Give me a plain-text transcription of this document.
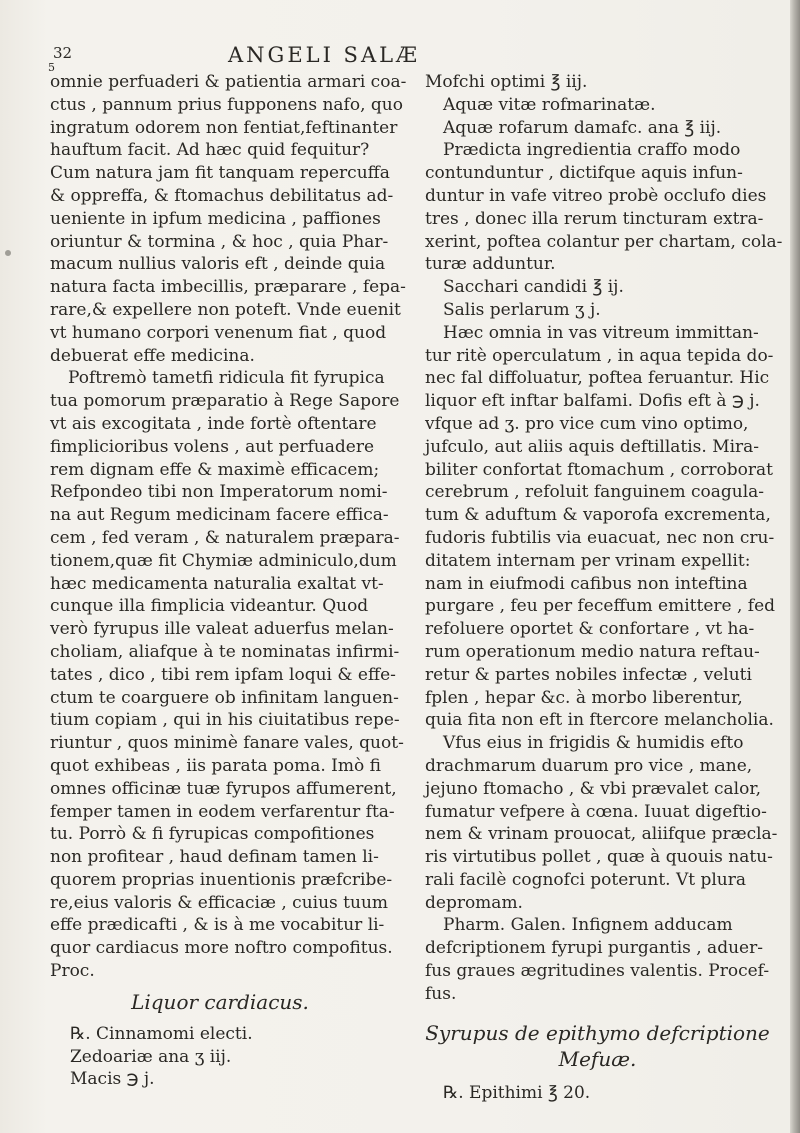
32
5
ANGELI SALÆ
omnie perfuaderi & patientia armari coa-
ctus , pannum prius fupponens nafo, quo
ingratum odorem non fentiat,feftinanter
hauftum facit. Ad hæc quid fequitur?
Cum natura jam fit tanquam repercuffa
& oppreffa, & ftomachus debilitatus ad-
ueniente in ipfum medicina , paffiones
oriuntur & tormina , & hoc , quia Phar-
macum nullius valoris eft , deinde quia
natura facta imbecillis, præparare , fepa-
rare,& expellere non poteft. Vnde euenit
vt humano corpori venenum fiat , quod
debuerat effe medicina.
Poftremò tametfi ridicula fit fyrupica
tua pomorum præparatio à Rege Sapore
vt ais excogitata , inde fortè oftentare
fimplicioribus volens , aut perfuadere
rem dignam effe & maximè efficacem;
Refpondeo tibi non Imperatorum nomi-
na aut Regum medicinam facere effica-
cem , fed veram , & naturalem præpara-
tionem,quæ fit Chymiæ adminiculo,dum
hæc medicamenta naturalia exaltat vt-
cunque illa fimplicia videantur. Quod
verò fyrupus ille valeat aduerfus melan-
choliam, aliafque à te nominatas infirmi-
tates , dico , tibi rem ipfam loqui & effe-
ctum te coarguere ob infinitam languen-
tium copiam , qui in his ciuitatibus repe-
riuntur , quos minimè fanare vales, quot-
quot exhibeas , iis parata poma. Imò fi
omnes officinæ tuæ fyrupos affumerent,
femper tamen in eodem verfarentur fta-
tu. Porrò & fi fyrupicas compofitiones
non profitear , haud definam tamen li-
quorem proprias inuentionis præfcribe-
re,eius valoris & efficaciæ , cuius tuum
effe prædicafti , & is à me vocabitur li-
quor cardiacus more noftro compofitus.
Proc.
Liquor cardiacus.
℞. Cinnamomi electi.
Zedoariæ ana ʒ iij.
Macis ℈ j.
Mofchi optimi ℥ iij.
Aquæ vitæ rofmarinatæ.
Aquæ rofarum damafc. ana ℥ iij.
Prædicta ingredientia craffo modo
contunduntur , dictifque aquis infun-
duntur in vafe vitreo probè occlufo dies
tres , donec illa rerum tincturam extra-
xerint, poftea colantur per chartam, cola-
turæ adduntur.
Sacchari candidi ℥ ij.
Salis perlarum ʒ j.
Hæc omnia in vas vitreum immittan-
tur ritè operculatum , in aqua tepida do-
nec fal diffoluatur, poftea feruantur. Hic
liquor eft inftar balfami. Dofis eft à ℈ j.
vfque ad ʒ. pro vice cum vino optimo,
jufculo, aut aliis aquis deftillatis. Mira-
biliter confortat ftomachum , corroborat
cerebrum , refoluit fanguinem coagula-
tum & aduftum & vaporofa excrementa,
fudoris fubtilis via euacuat, nec non cru-
ditatem internam per vrinam expellit:
nam in eiufmodi cafibus non inteftina
purgare , feu per feceffum emittere , fed
refoluere oportet & confortare , vt ha-
rum operationum medio natura reftau-
retur & partes nobiles infectæ , veluti
fplen , hepar &c. à morbo liberentur,
quia fita non eft in ftercore melancholia.
Vfus eius in frigidis & humidis efto
drachmarum duarum pro vice , mane,
jejuno ftomacho , & vbi prævalet calor,
fumatur vefpere à cœna. Iuuat digeftio-
nem & vrinam prouocat, aliifque præcla-
ris virtutibus pollet , quæ à quouis natu-
rali facilè cognofci poterunt. Vt plura
depromam.
Pharm. Galen. Infignem adducam
defcriptionem fyrupi purgantis , aduer-
fus graues ægritudines valentis. Procef-
fus.
Syrupus de epithymo defcriptione
Mefuæ.
℞. Epithimi ℥ 20.
